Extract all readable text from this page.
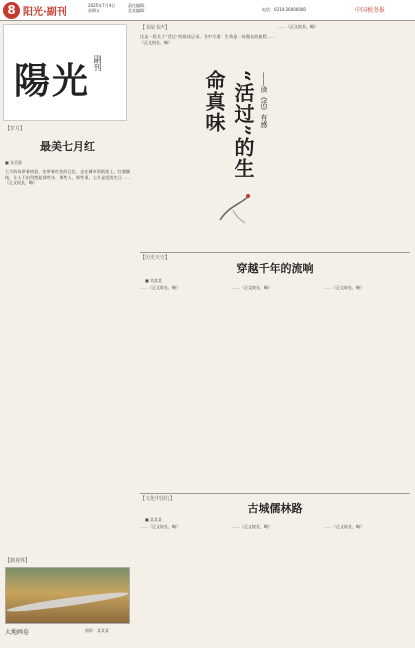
8 阳光·副刊
2025年7月4日
星期五
责任编辑：
美术编辑：	电话：0310-26000000	中国税务报
陽光 副刊
【岁月】
最美七月红
■ 张美静
七月的风带着热浪，也带着红色的记忆。走在城市的街道上，红旗飘扬，让人不由得想起那些年、那些人、那些事。七月是党的生日……（正文较长，略）
【书屋书声】
这是一段关于“活过”的阅读记录。书中写道：生命是一场漫长的旅程……（正文较长，略）
……（正文较长，略）
“活过”的生命真味	——读《活》有感
【历史天空】
穿越千年的流响
■ 刘某某
……（正文较长，略）	……（正文较长，略）	……（正文较长，略）
【文化中国行】
古城儒林路
■ 某某某
……（正文较长，略）	……（正文较长，略）	……（正文较长，略）
【微视界】
大地画卷	摄影：某某某
